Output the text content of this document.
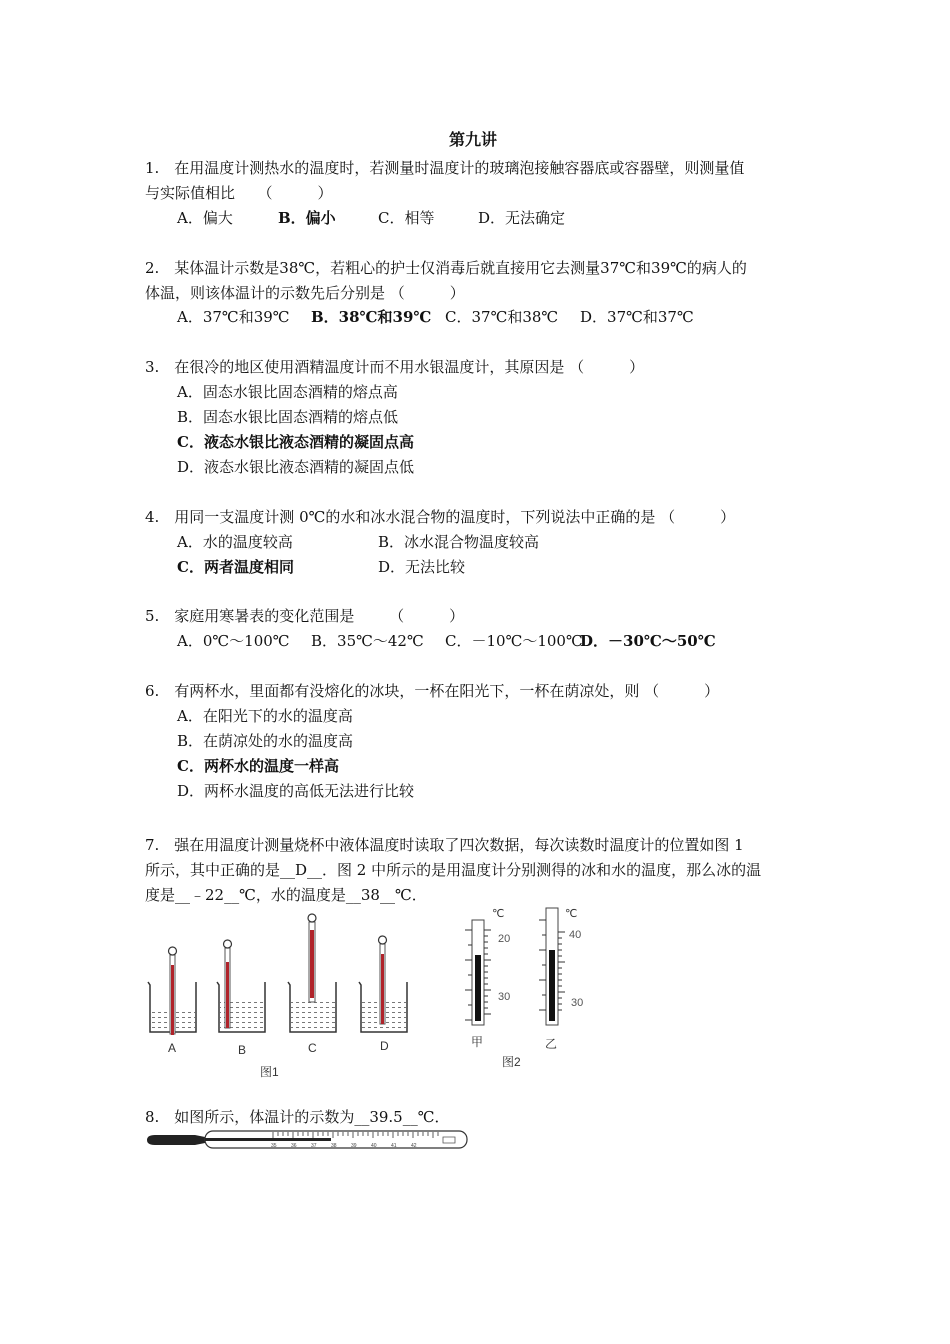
第九讲
1.　在用温度计测热水的温度时，若测量时温度计的玻璃泡接触容器底或容器壁，则测量值
与实际值相比　　（　　　）
A．偏大	B．偏小	C．相等	D．无法确定
2.　某体温计示数是38℃，若粗心的护士仅消毒后就直接用它去测量37℃和39℃的病人的
体温，则该体温计的示数先后分别是 （　　　）
A．37℃和39℃ B．38℃和39℃ C．37℃和38℃ D．37℃和37℃
3.　在很冷的地区使用酒精温度计而不用水银温度计，其原因是 （　　　）
A．固态水银比固态酒精的熔点高
B．固态水银比固态酒精的熔点低
C．液态水银比液态酒精的凝固点高
D．液态水银比液态酒精的凝固点低
4.　用同一支温度计测 0℃的水和冰水混合物的温度时，下列说法中正确的是 （　　　）
A．水的温度较高	B．冰水混合物温度较高
C．两者温度相同	D．无法比较
5.　家庭用寒暑表的变化范围是　　 （　　　）
A．0℃～100℃ B．35℃～42℃ C．－10℃～100℃
D．－30℃～50℃
6.　有两杯水，里面都有没熔化的冰块，一杯在阳光下，一杯在荫凉处，则 （　　　）
A．在阳光下的水的温度高
B．在荫凉处的水的温度高
C．两杯水的温度一样高
D．两杯水温度的高低无法进行比较
7.　强在用温度计测量烧杯中液体温度时读取了四次数据，每次读数时温度计的位置如图 1
所示，其中正确的是__D__．图 2 中所示的是用温度计分别测得的冰和水的温度，那么冰的温
度是__﹣22__℃，水的温度是__38__℃．
A	B	C	D
图1
℃
20
30
甲
℃
40
30
乙
图2
8.　如图所示，体温计的示数为__39.5__℃．
35	36	37	38	39	40	41	42
